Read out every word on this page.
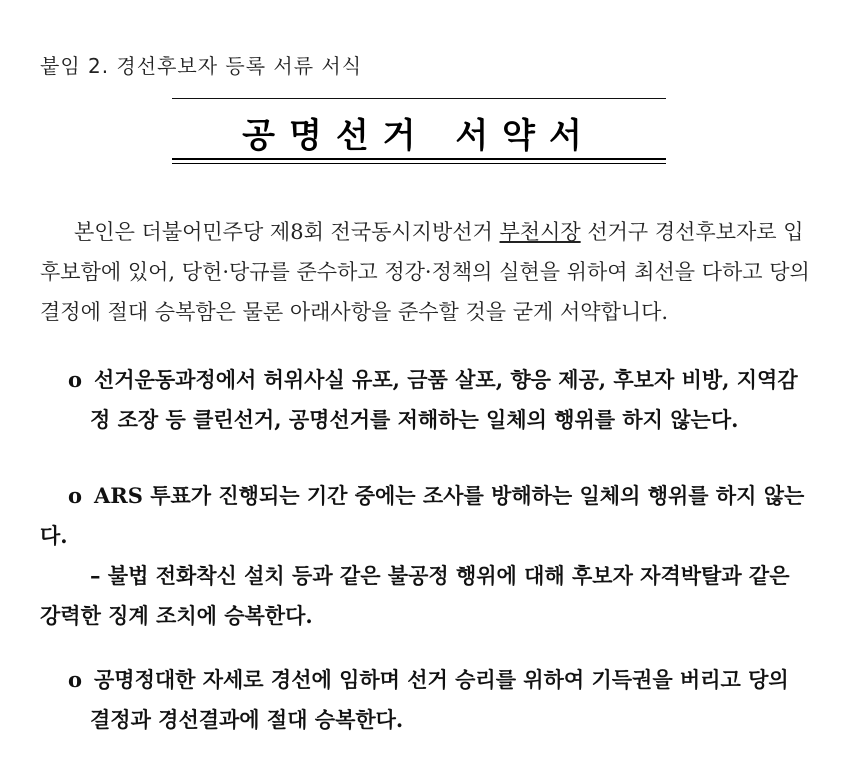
붙임 2. 경선후보자 등록 서류 서식
공명선거 서약서
본인은 더불어민주당 제8회 전국동시지방선거 부천시장 선거구 경선후보자로 입
후보함에 있어, 당헌·당규를 준수하고 정강·정책의 실현을 위하여 최선을 다하고 당의
결정에 절대 승복함은 물론 아래사항을 준수할 것을 굳게 서약합니다.
o 선거운동과정에서 허위사실 유포, 금품 살포, 향응 제공, 후보자 비방, 지역감
정 조장 등 클린선거, 공명선거를 저해하는 일체의 행위를 하지 않는다.
o ARS 투표가 진행되는 기간 중에는 조사를 방해하는 일체의 행위를 하지 않는
다.
– 불법 전화착신 설치 등과 같은 불공정 행위에 대해 후보자 자격박탈과 같은
강력한 징계 조치에 승복한다.
o 공명정대한 자세로 경선에 임하며 선거 승리를 위하여 기득권을 버리고 당의
결정과 경선결과에 절대 승복한다.
